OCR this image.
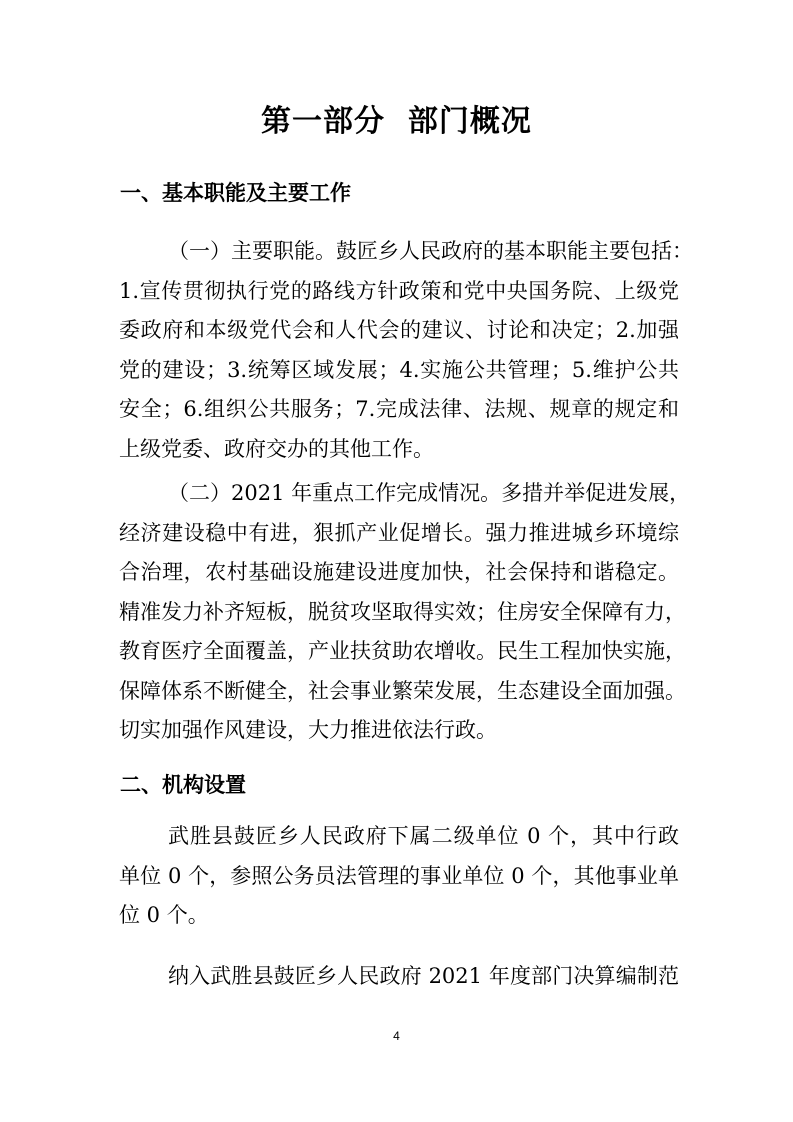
第一部分  部门概况
一、基本职能及主要工作

（一）主要职能。鼓匠乡人民政府的基本职能主要包括：
1.宣传贯彻执行党的路线方针政策和党中央国务院、上级党
委政府和本级党代会和人代会的建议、讨论和决定；2.加强
党的建设；3.统筹区域发展；4.实施公共管理；5.维护公共
安全；6.组织公共服务；7.完成法律、法规、规章的规定和
上级党委、政府交办的其他工作。

（二）2021 年重点工作完成情况。多措并举促进发展，
经济建设稳中有进，狠抓产业促增长。强力推进城乡环境综
合治理，农村基础设施建设进度加快，社会保持和谐稳定。
精准发力补齐短板，脱贫攻坚取得实效；住房安全保障有力，
教育医疗全面覆盖，产业扶贫助农增收。民生工程加快实施，
保障体系不断健全，社会事业繁荣发展，生态建设全面加强。
切实加强作风建设，大力推进依法行政。

二、机构设置

武胜县鼓匠乡人民政府下属二级单位 0 个，其中行政
单位 0 个，参照公务员法管理的事业单位 0 个，其他事业单
位 0 个。

纳入武胜县鼓匠乡人民政府 2021 年度部门决算编制范

4
